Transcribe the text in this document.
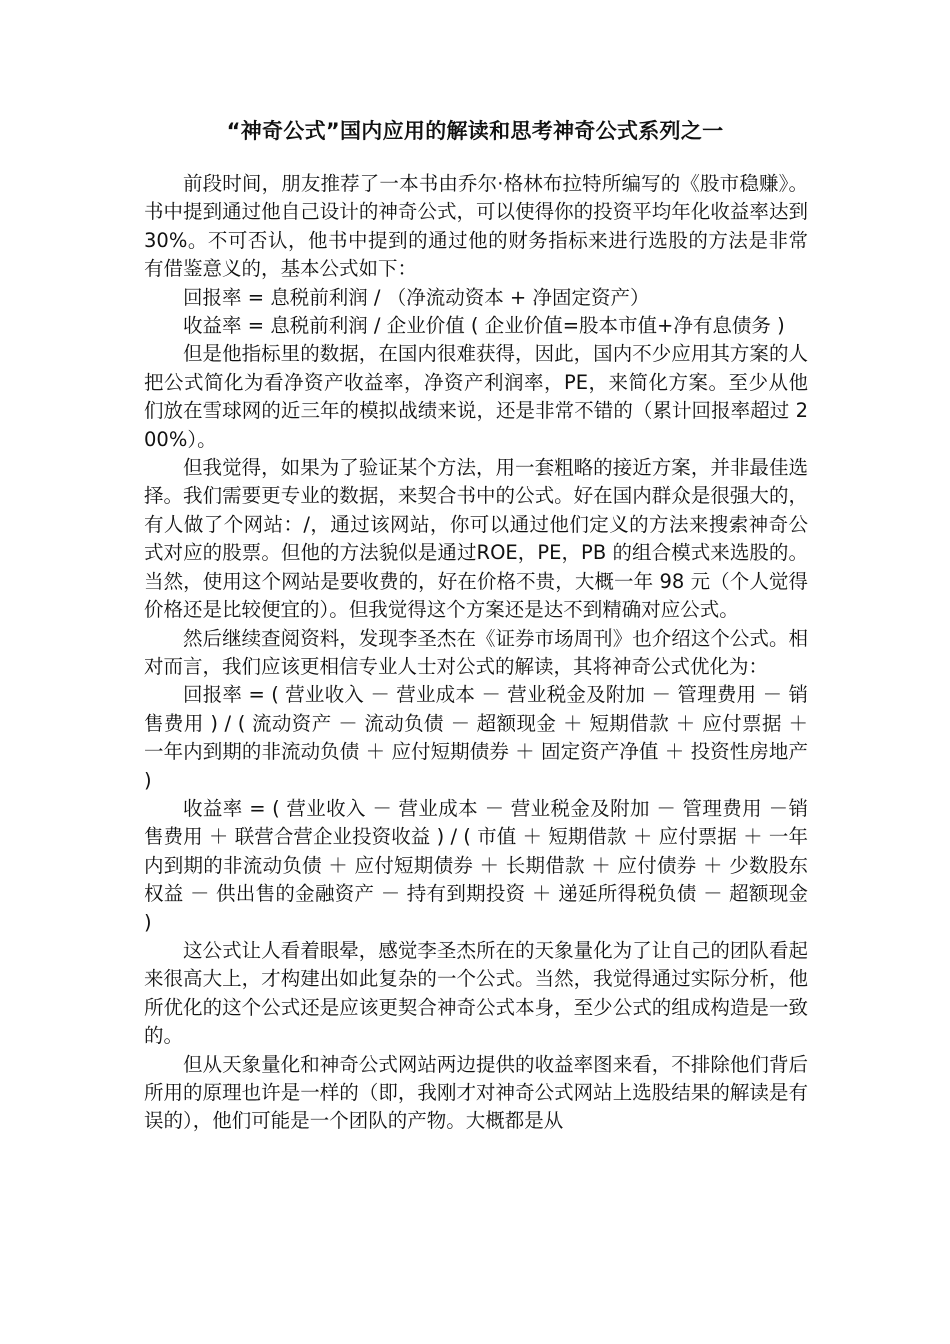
“神奇公式”国内应用的解读和思考神奇公式系列之一

前段时间，朋友推荐了一本书由乔尔·格林布拉特所编写的《股市稳赚》。书中提到通过他自己设计的神奇公式，可以使得你的投资平均年化收益率达到 30%。不可否认，他书中提到的通过他的财务指标来进行选股的方法是非常有借鉴意义的，基本公式如下：

回报率 = 息税前利润 / （净流动资本 + 净固定资产）

收益率 = 息税前利润 / 企业价值 ( 企业价值=股本市值+净有息债务 )

但是他指标里的数据，在国内很难获得，因此，国内不少应用其方案的人把公式简化为看净资产收益率，净资产利润率，PE，来简化方案。至少从他们放在雪球网的近三年的模拟战绩来说，还是非常不错的（累计回报率超过 200%）。

但我觉得，如果为了验证某个方法，用一套粗略的接近方案，并非最佳选择。我们需要更专业的数据，来契合书中的公式。好在国内群众是很强大的，有人做了个网站：/，通过该网站，你可以通过他们定义的方法来搜索神奇公式对应的股票。但他的方法貌似是通过ROE，PE，PB 的组合模式来选股的。当然，使用这个网站是要收费的，好在价格不贵，大概一年 98 元（个人觉得价格还是比较便宜的）。但我觉得这个方案还是达不到精确对应公式。

然后继续查阅资料，发现李圣杰在《证券市场周刊》也介绍这个公式。相对而言，我们应该更相信专业人士对公式的解读，其将神奇公式优化为：

回报率 = ( 营业收入 － 营业成本 － 营业税金及附加 － 管理费用 － 销售费用 ) / ( 流动资产 － 流动负债 － 超额现金 ＋ 短期借款 ＋ 应付票据 ＋ 一年内到期的非流动负债 ＋ 应付短期债券 ＋ 固定资产净值 ＋ 投资性房地产 )

收益率 = ( 营业收入 － 营业成本 － 营业税金及附加 － 管理费用 －销售费用 ＋ 联营合营企业投资收益 ) / ( 市值 ＋ 短期借款 ＋ 应付票据 ＋ 一年内到期的非流动负债 ＋ 应付短期债券 ＋ 长期借款 ＋ 应付债券 ＋ 少数股东权益 － 供出售的金融资产 － 持有到期投资 ＋ 递延所得税负债 － 超额现金 )

这公式让人看着眼晕，感觉李圣杰所在的天象量化为了让自己的团队看起来很高大上，才构建出如此复杂的一个公式。当然，我觉得通过实际分析，他所优化的这个公式还是应该更契合神奇公式本身，至少公式的组成构造是一致的。

但从天象量化和神奇公式网站两边提供的收益率图来看，不排除他们背后所用的原理也许是一样的（即，我刚才对神奇公式网站上选股结果的解读是有误的），他们可能是一个团队的产物。大概都是从
